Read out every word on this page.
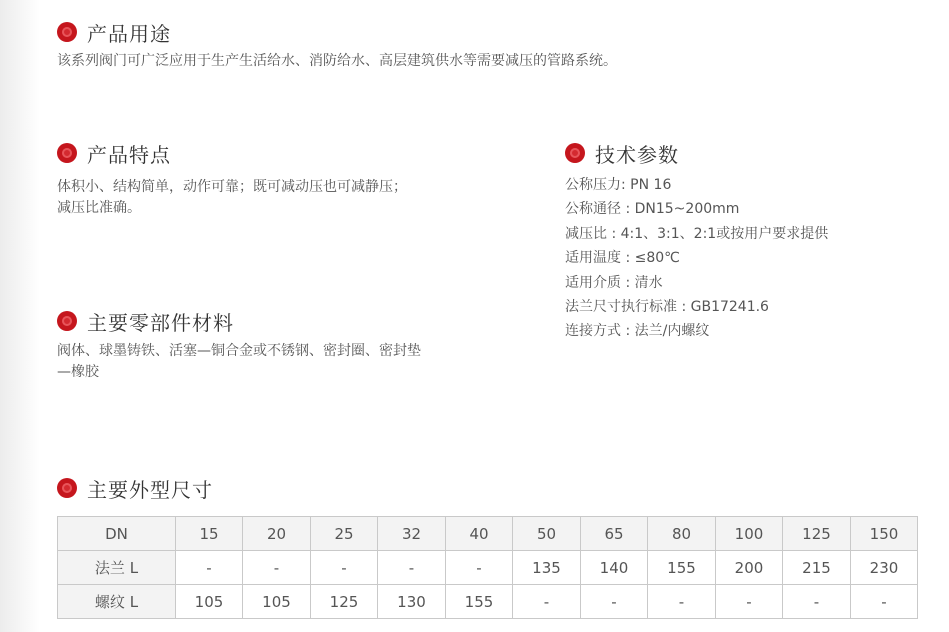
产品用途

该系列阀门可广泛应用于生产生活给水、消防给水、高层建筑供水等需要减压的管路系统。

产品特点

体积小、结构简单，动作可靠；既可减动压也可减静压；减压比准确。

主要零部件材料

阀体、球墨铸铁、活塞—铜合金或不锈钢、密封圈、密封垫—橡胶

技术参数
公称压力: PN 16
公称通径 : DN15~200mm
减压比 : 4:1、3:1、2:1或按用户要求提供
适用温度 : ≤80℃
适用介质 : 清水
法兰尺寸执行标准 : GB17241.6
连接方式 : 法兰/内螺纹
主要外型尺寸
DN	15	20	25	32	40	50	65	80	100	125	150
法兰 L	-	-	-	-	-	135	140	155	200	215	230
螺纹 L	105	105	125	130	155	-	-	-	-	-	-
